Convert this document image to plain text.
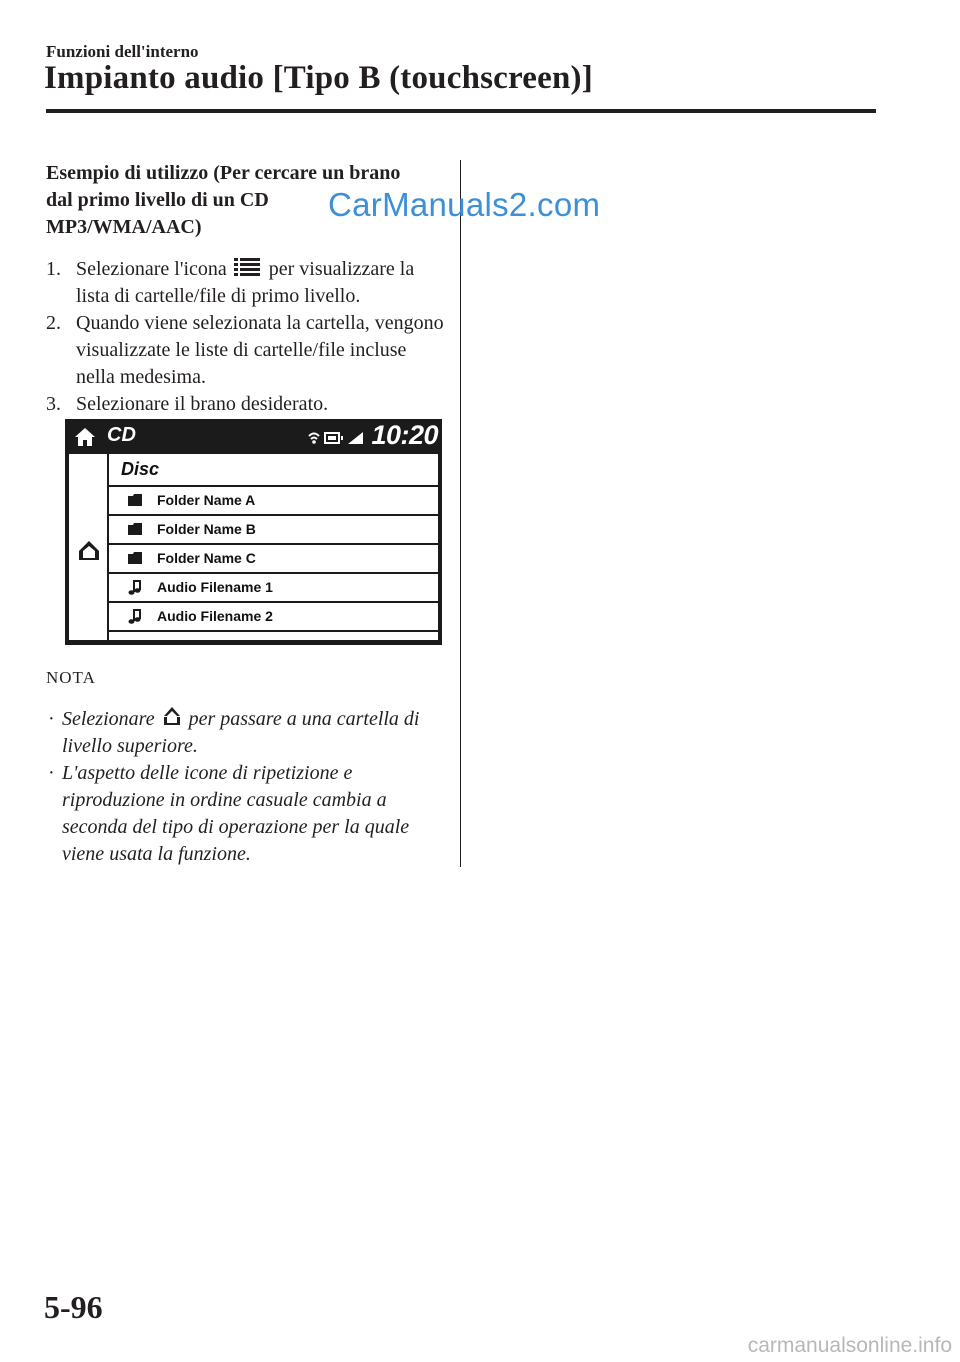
Funzioni dell'interno
Impianto audio [Tipo B (touchscreen)]
Esempio di utilizzo (Per cercare un brano dal primo livello di un CD MP3/WMA/AAC)
CarManuals2.com
1. Selezionare l'icona per visualizzare la lista di cartelle/file di primo livello.
2. Quando viene selezionata la cartella, vengono visualizzate le liste di cartelle/file incluse nella medesima.
3. Selezionare il brano desiderato.
CD	10:20
Disc
Folder Name A
Folder Name B
Folder Name C
Audio Filename 1
Audio Filename 2
NOTA
· Selezionare per passare a una cartella di livello superiore.
· L'aspetto delle icone di ripetizione e riproduzione in ordine casuale cambia a seconda del tipo di operazione per la quale viene usata la funzione.
5-96
carmanualsonline.info
